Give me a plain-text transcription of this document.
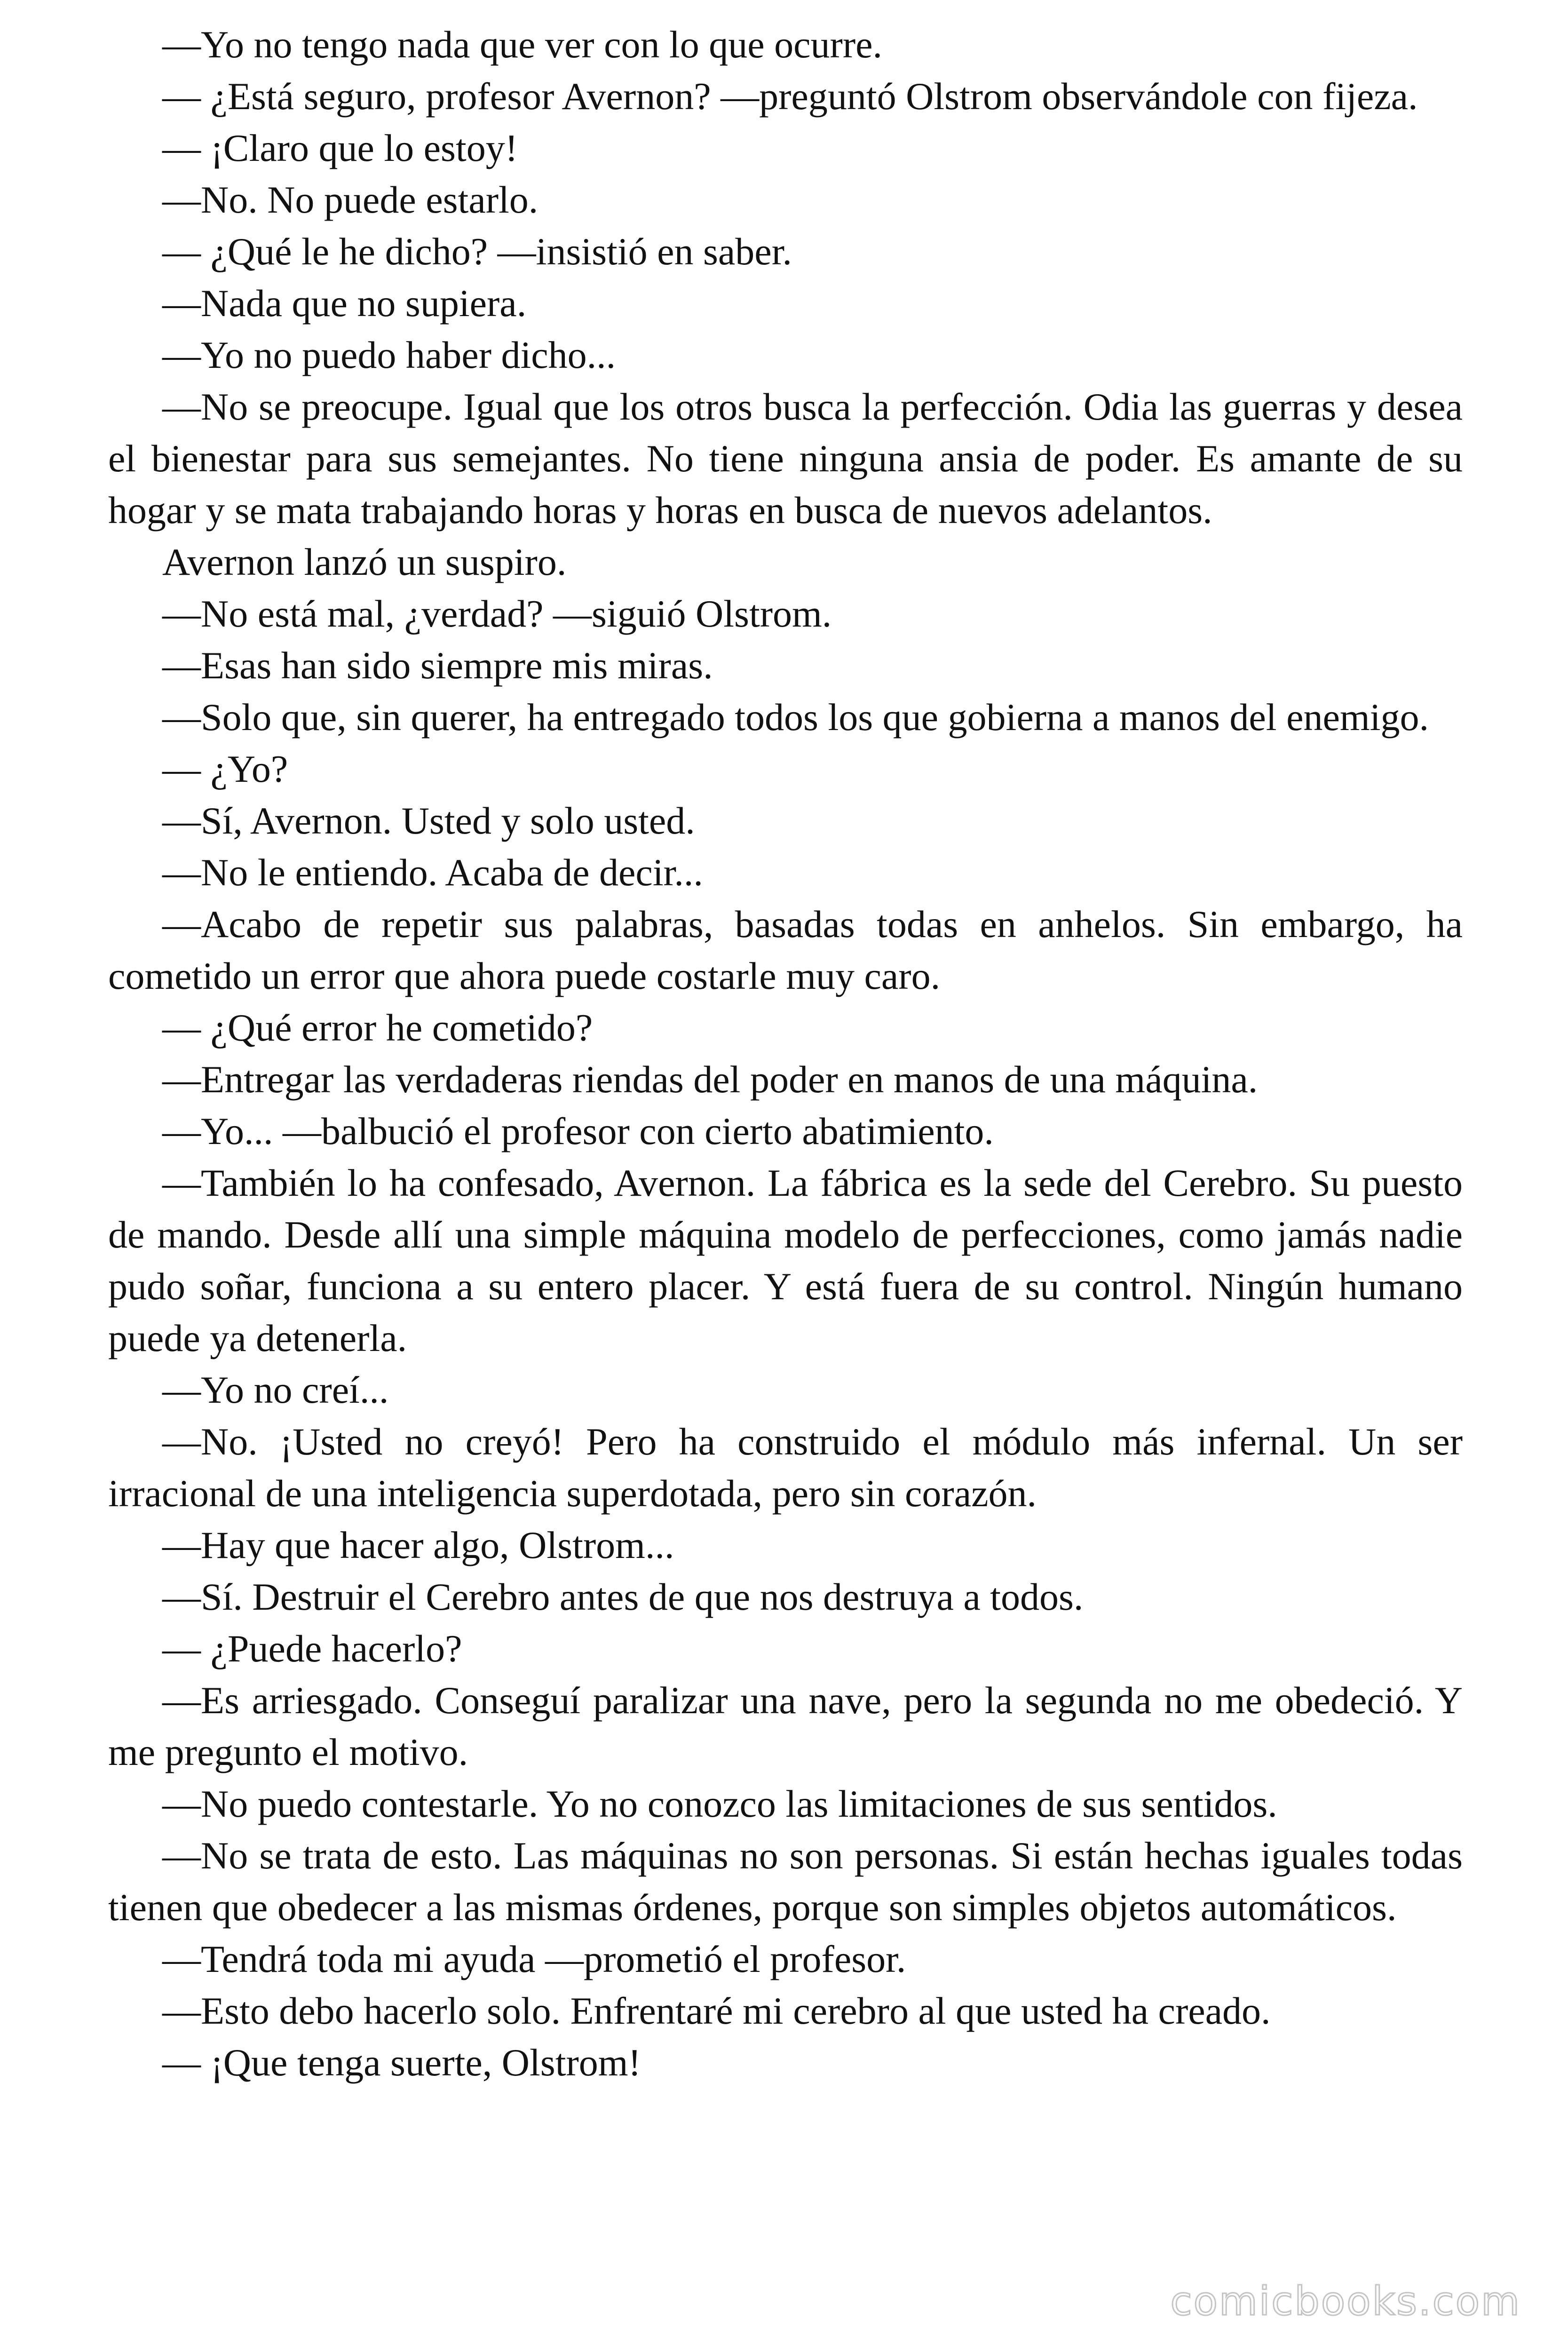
—Yo no tengo nada que ver con lo que ocurre.

— ¿Está seguro, profesor Avernon? —preguntó Olstrom observándole con fijeza.

— ¡Claro que lo estoy!

—No. No puede estarlo.

— ¿Qué le he dicho? —insistió en saber.

—Nada que no supiera.

—Yo no puedo haber dicho...

—No se preocupe. Igual que los otros busca la perfección. Odia las guerras y desea el bienestar para sus semejantes. No tiene ninguna ansia de poder. Es amante de su hogar y se mata trabajando horas y horas en busca de nuevos adelantos.

Avernon lanzó un suspiro.

—No está mal, ¿verdad? —siguió Olstrom.

—Esas han sido siempre mis miras.

—Solo que, sin querer, ha entregado todos los que gobierna a manos del enemigo.

— ¿Yo?

—Sí, Avernon. Usted y solo usted.

—No le entiendo. Acaba de decir...

—Acabo de repetir sus palabras, basadas todas en anhelos. Sin embargo, ha cometido un error que ahora puede costarle muy caro.

— ¿Qué error he cometido?

—Entregar las verdaderas riendas del poder en manos de una máquina.

—Yo... —balbució el profesor con cierto abatimiento.

—También lo ha confesado, Avernon. La fábrica es la sede del Cerebro. Su puesto de mando. Desde allí una simple máquina modelo de perfecciones, como jamás nadie pudo soñar, funciona a su entero placer. Y está fuera de su control. Ningún humano puede ya detenerla.

—Yo no creí...

—No. ¡Usted no creyó! Pero ha construido el módulo más infernal. Un ser irracional de una inteligencia superdotada, pero sin corazón.

—Hay que hacer algo, Olstrom...

—Sí. Destruir el Cerebro antes de que nos destruya a todos.

— ¿Puede hacerlo?

—Es arriesgado. Conseguí paralizar una nave, pero la segunda no me obedeció. Y me pregunto el motivo.

—No puedo contestarle. Yo no conozco las limitaciones de sus sentidos.

—No se trata de esto. Las máquinas no son personas. Si están hechas iguales todas tienen que obedecer a las mismas órdenes, porque son simples objetos automáticos.

—Tendrá toda mi ayuda —prometió el profesor.

—Esto debo hacerlo solo. Enfrentaré mi cerebro al que usted ha creado.

— ¡Que tenga suerte, Olstrom!

comicbooks.com
